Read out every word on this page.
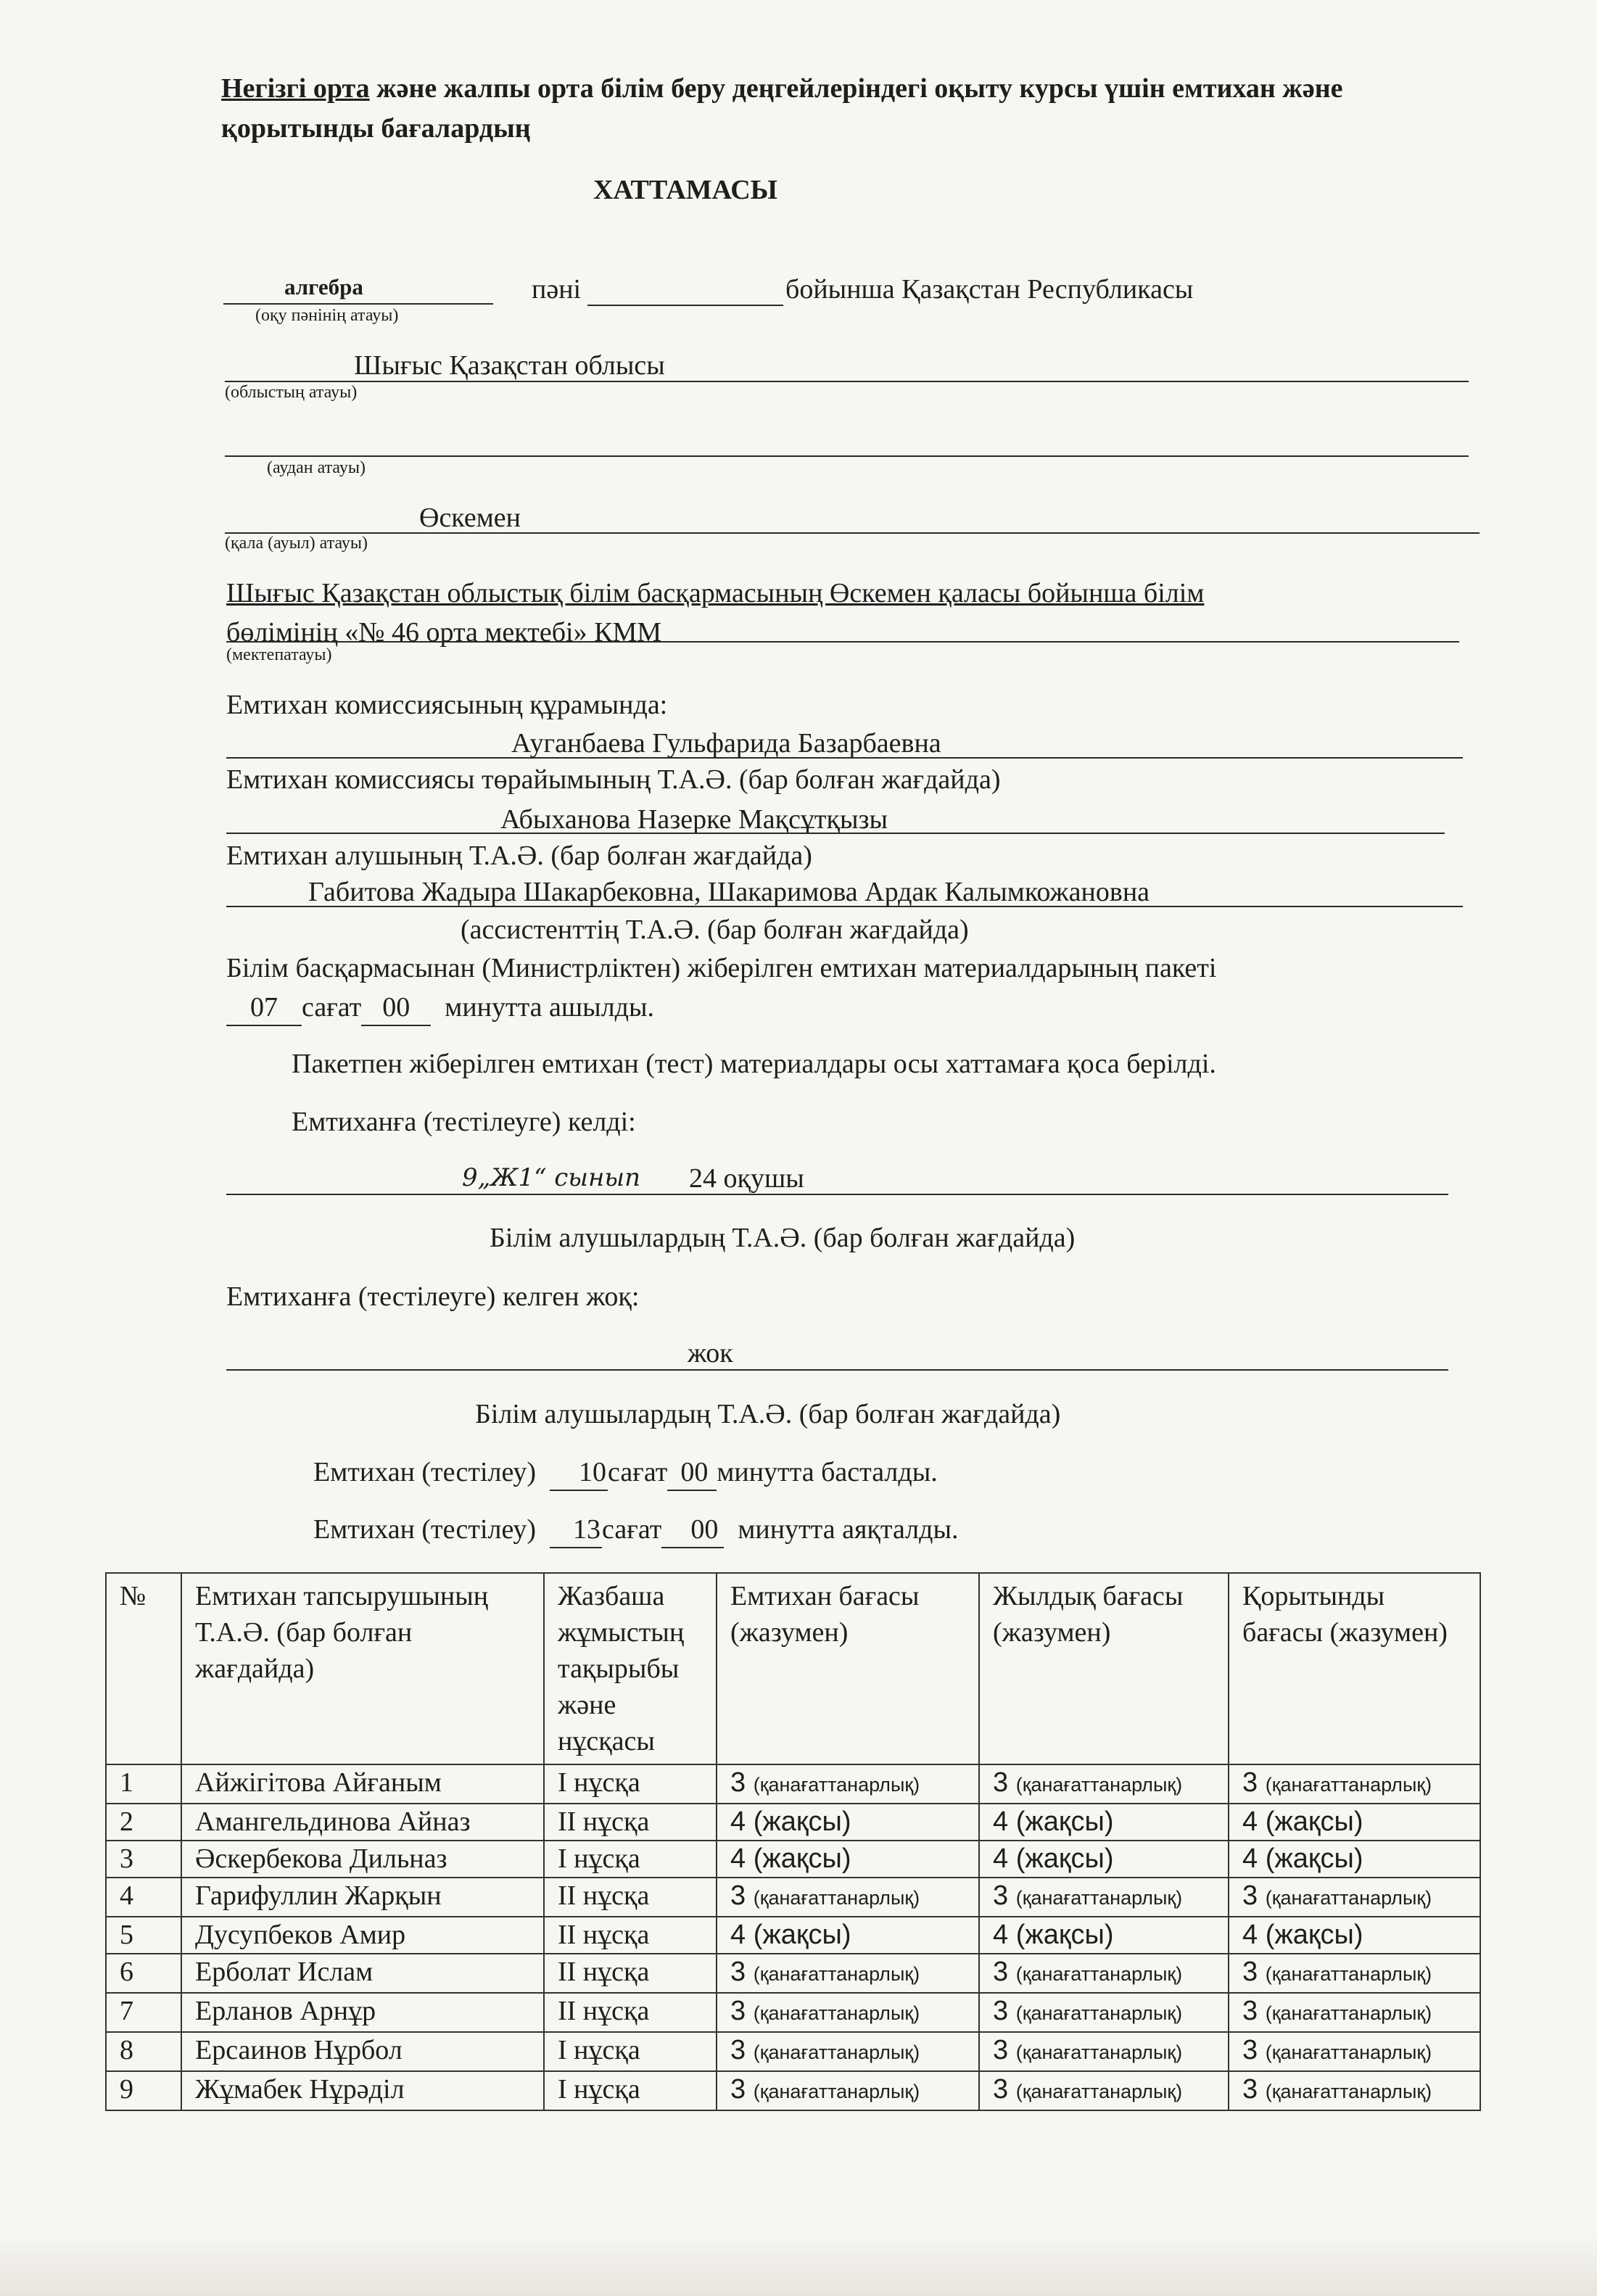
Негізгі орта және жалпы орта білім беру деңгейлеріндегі оқыту курсы үшін емтихан және
қорытынды бағалардың
ХАТТАМАСЫ
алгебра
(оқу пәнінің атауы)
пәні	бойынша Қазақстан Республикасы
Шығыс Қазақстан облысы
(облыстың атауы)
(аудан атауы)
Өскемен
(қала (ауыл) атауы)
Шығыс Қазақстан облыстық білім басқармасының Өскемен қаласы бойынша білім
бөлімінің «№ 46 орта мектебі» КММ
(мектепатауы)
Емтихан комиссиясының құрамында:
Ауганбаева Гульфарида Базарбаевна
Емтихан комиссиясы төрайымының Т.А.Ә. (бар болған жағдайда)
Абыханова Назерке Мақсұтқызы
Емтихан алушының Т.А.Ә. (бар болған жағдайда)
Габитова Жадыра Шакарбековна, Шакаримова Ардак Калымкожановна
(ассистенттің Т.А.Ә. (бар болған жағдайда)
Білім басқармасынан (Министрліктен) жіберілген емтихан материалдарының пакеті
07 сағат 00 минутта ашылды.
Пакетпен жіберілген емтихан (тест) материалдары осы хаттамаға қоса берілді.
Емтиханға (тестілеуге) келді:
9„Ж1“ сынып 24 оқушы
Білім алушылардың Т.А.Ә. (бар болған жағдайда)
Емтиханға (тестілеуге) келген жоқ:
жок
Білім алушылардың Т.А.Ә. (бар болған жағдайда)
Емтихан (тестілеу) 10сағат 00 минутта басталды.
Емтихан (тестілеу) 13сағат 00 минутта аяқталды.
№	Емтихан тапсырушының Т.А.Ә. (бар болған жағдайда)	Жазбаша жұмыстың тақырыбы және нұсқасы	Емтихан бағасы (жазумен)	Жылдық бағасы (жазумен)	Қорытынды бағасы (жазумен)
1	Айжігітова Айғаным	І нұсқа	3 (қанағаттанарлық)	3 (қанағаттанарлық)	3 (қанағаттанарлық)
2	Амангельдинова Айназ	ІІ нұсқа	4 (жақсы)	4 (жақсы)	4 (жақсы)
3	Әскербекова Дильназ	І нұсқа	4 (жақсы)	4 (жақсы)	4 (жақсы)
4	Гарифуллин Жарқын	ІІ нұсқа	3 (қанағаттанарлық)	3 (қанағаттанарлық)	3 (қанағаттанарлық)
5	Дусупбеков Амир	ІІ нұсқа	4 (жақсы)	4 (жақсы)	4 (жақсы)
6	Ерболат Ислам	ІІ нұсқа	3 (қанағаттанарлық)	3 (қанағаттанарлық)	3 (қанағаттанарлық)
7	Ерланов Арнұр	ІІ нұсқа	3 (қанағаттанарлық)	3 (қанағаттанарлық)	3 (қанағаттанарлық)
8	Ерсаинов Нұрбол	І нұсқа	3 (қанағаттанарлық)	3 (қанағаттанарлық)	3 (қанағаттанарлық)
9	Жұмабек Нұрәділ	І нұсқа	3 (қанағаттанарлық)	3 (қанағаттанарлық)	3 (қанағаттанарлық)
